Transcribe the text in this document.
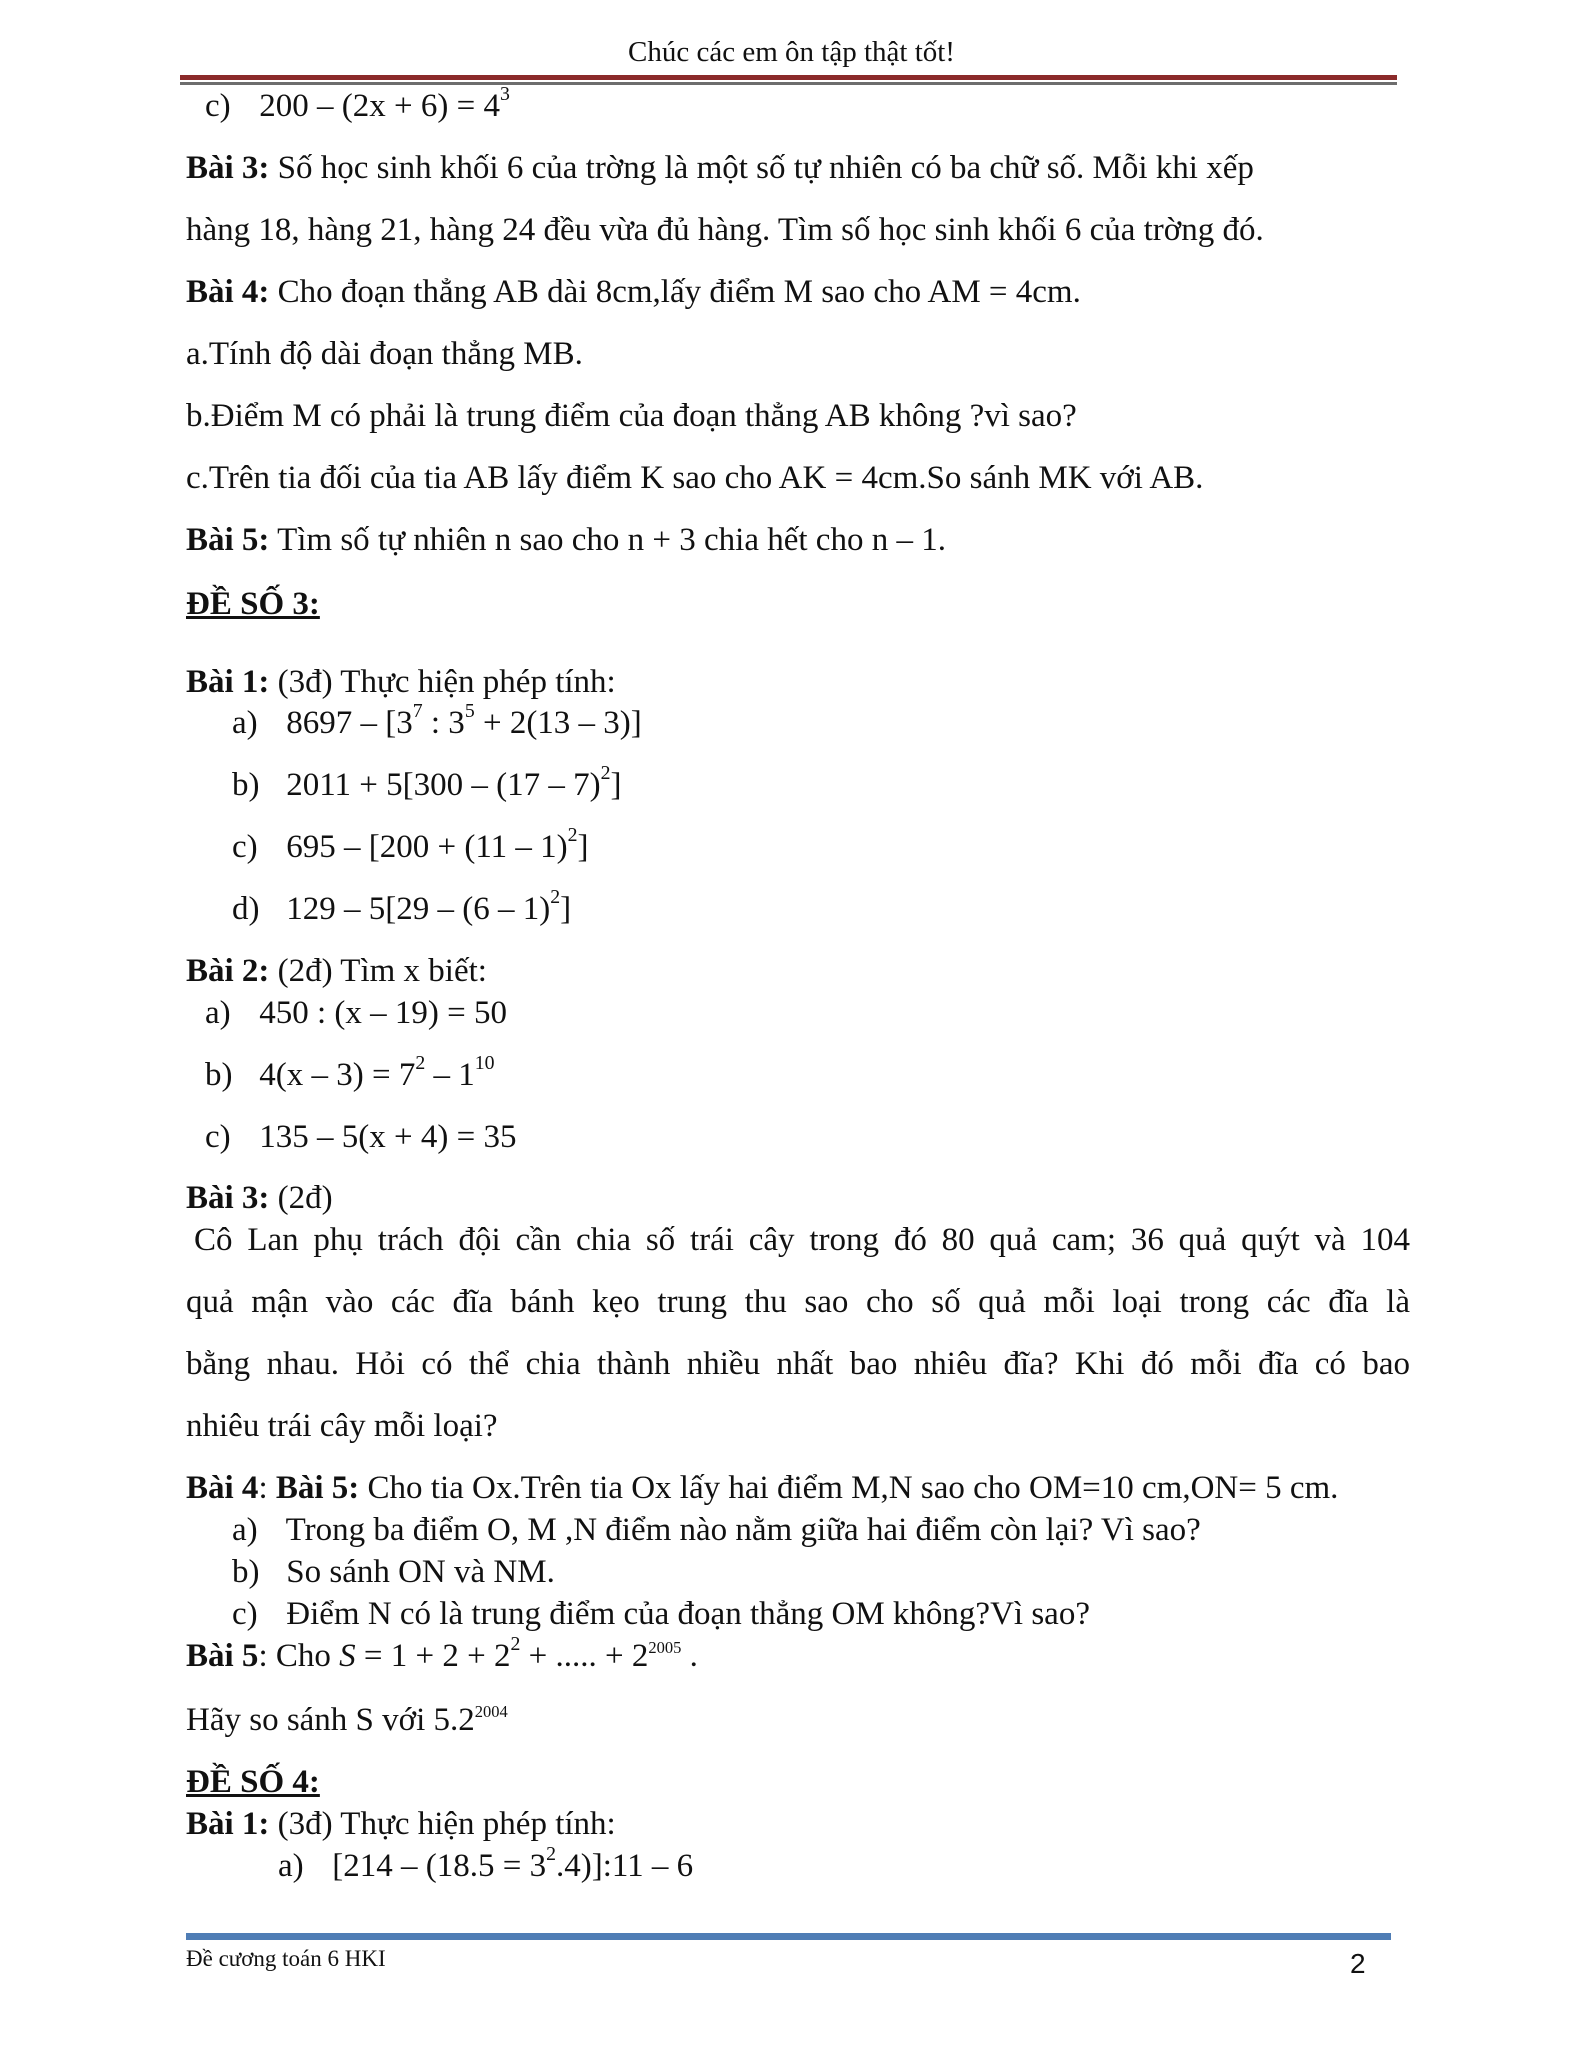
Chúc các em ôn tập thật tốt!
c) $200 - (2x + 6) = 4^3$
Bài 3: Số học sinh khối 6 của trờng là một số tự nhiên có ba chữ số. Mỗi khi xếp
hàng 18, hàng 21, hàng 24 đều vừa đủ hàng. Tìm số học sinh khối 6 của trờng đó.
Bài 4: Cho đoạn thẳng AB dài 8cm,lấy điểm M sao cho AM = 4cm.
a.Tính độ dài đoạn thẳng MB.
b.Điểm M có phải là trung điểm của đoạn thẳng AB không ?vì sao?
c.Trên tia đối của tia AB lấy điểm K sao cho AK = 4cm.So sánh MK với AB.
Bài 5: Tìm số tự nhiên n sao cho n + 3 chia hết cho n – 1.
ĐỀ SỐ 3:
Bài 1: (3đ) Thực hiện phép tính:
a) $8697 - [3^7$ : $3^5 + 2(13 - 3)$]
b) 2011 + 5[300 – (17 – 7)$^2$]
c) 695 – [200 + (11 – 1)$^2$]
d) 129 – 5[29 – (6 – 1)$^2$]
Bài 2: (2đ) Tìm x biết:
a) 450 : (x – 19) = 50
b) $4(x - 3) = 7^2 - 1^{10}$
c) 135 – 5(x + 4) = 35
Bài 3: (2đ)
Cô Lan phụ trách đội cần chia số trái cây trong đó 80 quả cam; 36 quả quýt và 104
quả mận vào các đĩa bánh kẹo trung thu sao cho số quả mỗi loại trong các đĩa là
bằng nhau. Hỏi có thể chia thành nhiều nhất bao nhiêu đĩa? Khi đó mỗi đĩa có bao
nhiêu trái cây mỗi loại?
Bài 4: Bài 5: Cho tia Ox.Trên tia Ox lấy hai điểm M,N sao cho OM=10 cm,ON= 5 cm.
a) Trong ba điểm O, M ,N điểm nào nằm giữa hai điểm còn lại? Vì sao?
b) So sánh ON và NM.
c) Điểm N có là trung điểm của đoạn thẳng OM không?Vì sao?
Bài 5: Cho $S = 1 + 2 + 2^2$ + ..... + $2^{2005}$ .
Hãy so sánh S với $5.2^{2004}$
ĐỀ SỐ 4:
Bài 1: (3đ) Thực hiện phép tính:
a) $[214 - (18.5 = 3^2.4)]:11 - 6$
Đề cương toán 6 HKI	2
